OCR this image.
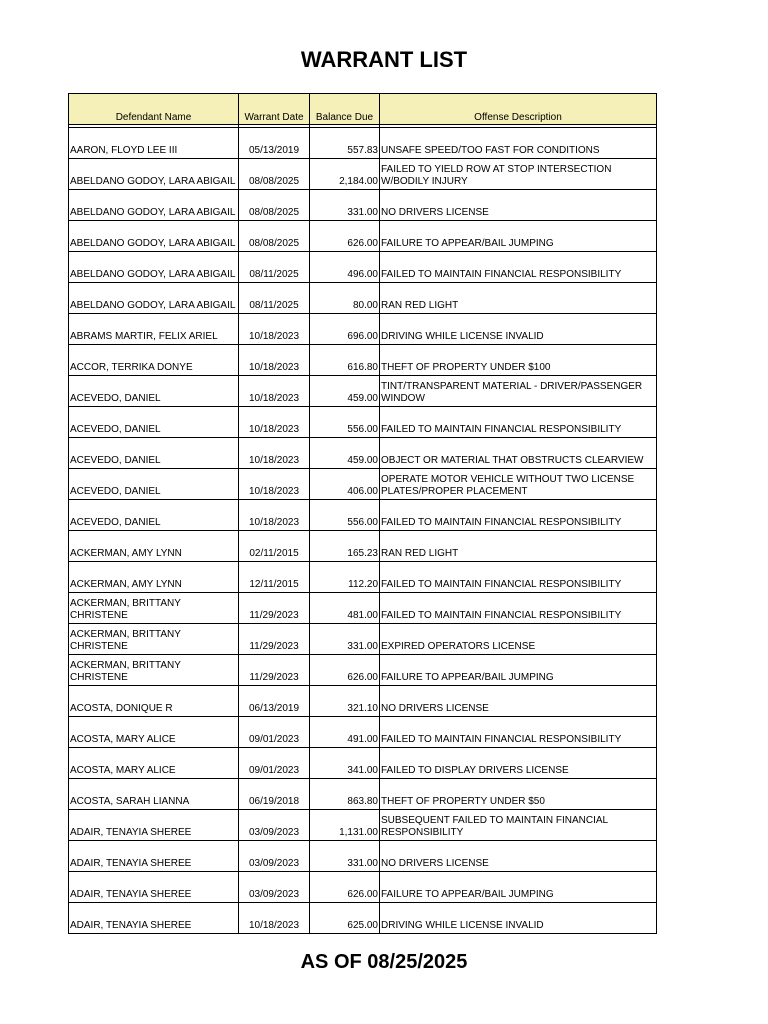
WARRANT LIST
Defendant Name	Warrant Date	Balance Due	Offense Description

AARON, FLOYD LEE III	05/13/2019	557.83	UNSAFE SPEED/TOO FAST FOR CONDITIONS
ABELDANO GODOY, LARA ABIGAIL	08/08/2025	2,184.00	FAILED TO YIELD ROW AT STOP INTERSECTION W/BODILY INJURY
ABELDANO GODOY, LARA ABIGAIL	08/08/2025	331.00	NO DRIVERS LICENSE
ABELDANO GODOY, LARA ABIGAIL	08/08/2025	626.00	FAILURE TO APPEAR/BAIL JUMPING
ABELDANO GODOY, LARA ABIGAIL	08/11/2025	496.00	FAILED TO MAINTAIN FINANCIAL RESPONSIBILITY
ABELDANO GODOY, LARA ABIGAIL	08/11/2025	80.00	RAN RED LIGHT
ABRAMS MARTIR, FELIX ARIEL	10/18/2023	696.00	DRIVING WHILE LICENSE INVALID
ACCOR, TERRIKA DONYE	10/18/2023	616.80	THEFT OF PROPERTY UNDER $100
ACEVEDO, DANIEL	10/18/2023	459.00	TINT/TRANSPARENT MATERIAL - DRIVER/PASSENGER WINDOW
ACEVEDO, DANIEL	10/18/2023	556.00	FAILED TO MAINTAIN FINANCIAL RESPONSIBILITY
ACEVEDO, DANIEL	10/18/2023	459.00	OBJECT OR MATERIAL THAT OBSTRUCTS CLEARVIEW
ACEVEDO, DANIEL	10/18/2023	406.00	OPERATE MOTOR VEHICLE WITHOUT TWO LICENSE PLATES/PROPER PLACEMENT
ACEVEDO, DANIEL	10/18/2023	556.00	FAILED TO MAINTAIN FINANCIAL RESPONSIBILITY
ACKERMAN, AMY LYNN	02/11/2015	165.23	RAN RED LIGHT
ACKERMAN, AMY LYNN	12/11/2015	112.20	FAILED TO MAINTAIN FINANCIAL RESPONSIBILITY
ACKERMAN, BRITTANY CHRISTENE	11/29/2023	481.00	FAILED TO MAINTAIN FINANCIAL RESPONSIBILITY
ACKERMAN, BRITTANY CHRISTENE	11/29/2023	331.00	EXPIRED OPERATORS LICENSE
ACKERMAN, BRITTANY CHRISTENE	11/29/2023	626.00	FAILURE TO APPEAR/BAIL JUMPING
ACOSTA, DONIQUE R	06/13/2019	321.10	NO DRIVERS LICENSE
ACOSTA, MARY ALICE	09/01/2023	491.00	FAILED TO MAINTAIN FINANCIAL RESPONSIBILITY
ACOSTA, MARY ALICE	09/01/2023	341.00	FAILED TO DISPLAY DRIVERS LICENSE
ACOSTA, SARAH LIANNA	06/19/2018	863.80	THEFT OF PROPERTY UNDER $50
ADAIR, TENAYIA SHEREE	03/09/2023	1,131.00	SUBSEQUENT FAILED TO MAINTAIN FINANCIAL RESPONSIBILITY
ADAIR, TENAYIA SHEREE	03/09/2023	331.00	NO DRIVERS LICENSE
ADAIR, TENAYIA SHEREE	03/09/2023	626.00	FAILURE TO APPEAR/BAIL JUMPING
ADAIR, TENAYIA SHEREE	10/18/2023	625.00	DRIVING WHILE LICENSE INVALID
AS OF 08/25/2025
